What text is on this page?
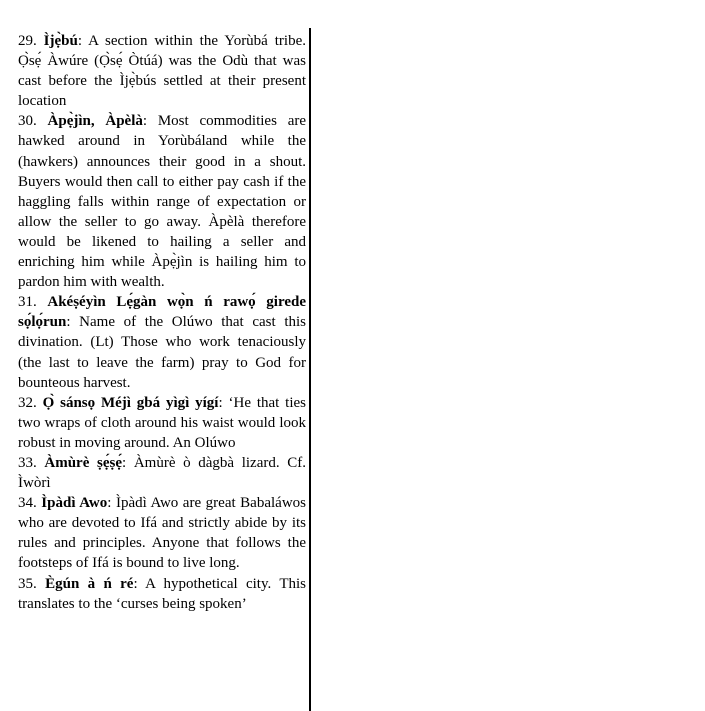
29. Ìjẹ̀bú: A section within the Yorùbá tribe. Ọ̀sẹ́ Àwúre (Ọ̀sẹ́ Òtúá) was the Odù that was cast before the Ìjẹ̀bús settled at their present location

30. Àpẹ̀jìn, Àpèlà: Most commodities are hawked around in Yorùbáland while the (hawkers) announces their good in a shout. Buyers would then call to either pay cash if the haggling falls within range of expectation or allow the seller to go away. Àpèlà therefore would be likened to hailing a seller and enriching him while Àpẹ̀jìn is hailing him to pardon him with wealth.

31. Akéṣéyìn Lẹ́gàn wọ̀n ń rawọ́ girede sọ́lọ́run: Name of the Olúwo that cast this divination. (Lt) Those who work tenaciously (the last to leave the farm) pray to God for bounteous harvest.

32. Ọ̀ sánsọ Méjì gbá yìgì yígí: ‘He that ties two wraps of cloth around his waist would look robust in moving around. An Olúwo

33. Àmùrè ṣẹ́ṣẹ́: Àmùrè ò dàgbà lizard. Cf. Ìwòrì

34. Ìpàdì Awo: Ìpàdì Awo are great Babaláwos who are devoted to Ifá and strictly abide by its rules and principles. Anyone that follows the footsteps of Ifá is bound to live long.

35. Ègún à ń ré: A hypothetical city. This translates to the ‘curses being spoken’
